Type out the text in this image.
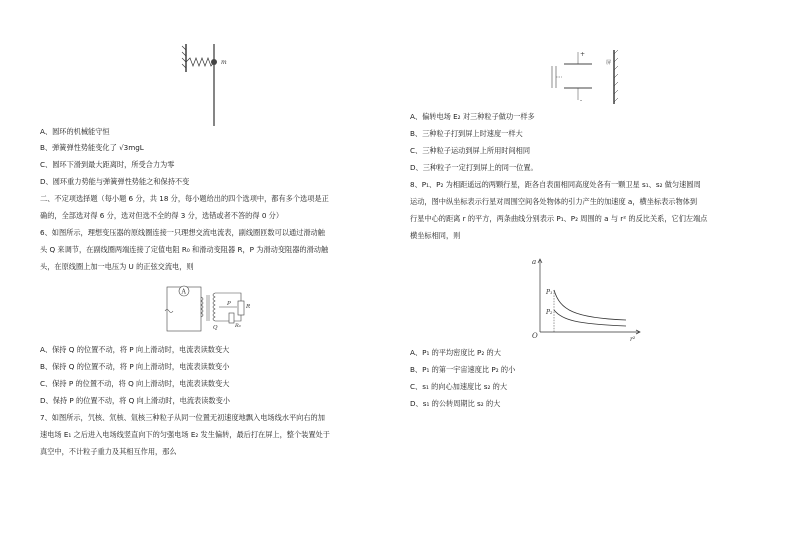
m
A、圆环的机械能守恒
B、弹簧弹性势能变化了 √3mgL
C、圆环下滑到最大距离时，所受合力为零
D、圆环重力势能与弹簧弹性势能之和保持不变
二、不定项选择题（每小题 6 分，共 18 分，每小题给出的四个选项中，都有多个选项是正
确的，全部选对得 6 分，选对但选不全的得 3 分，选错或者不答的得 0 分）
6、如图所示，理想变压器的原线圈连接一只理想交流电流表，副线圈匝数可以通过滑动触
头 Q 来调节，在副线圈两端连接了定值电阻 R₀ 和滑动变阻器 R，P 为滑动变阻器的滑动触
头，在原线圈上加一电压为 U 的正弦交流电，则
A
Q
R
P
R₀
A、保持 Q 的位置不动，将 P 向上滑动时，电流表读数变大
B、保持 Q 的位置不动，将 P 向上滑动时，电流表读数变小
C、保持 P 的位置不动，将 Q 向上滑动时，电流表读数变大
D、保持 P 的位置不动，将 Q 向上滑动时，电流表读数变小
7、如图所示，氕核、氘核、氚核三种粒子从同一位置无初速度地飘入电场线水平向右的加
速电场 E₁ 之后进入电场线竖直向下的匀强电场 E₂ 发生偏转，最后打在屏上，整个装置处于
真空中，不计粒子重力及其相互作用，那么
+
-
屏
A、偏转电场 E₂ 对三种粒子做功一样多
B、三种粒子打到屏上时速度一样大
C、三种粒子运动到屏上所用时间相同
D、三种粒子一定打到屏上的同一位置。
8、P₁、P₂ 为相距遥远的两颗行星，距各自表面相同高度处各有一颗卫星 s₁、s₂ 做匀速圆周
运动，图中纵坐标表示行星对周围空间各处物体的引力产生的加速度 a，横坐标表示物体到
行星中心的距离 r 的平方，两条曲线分别表示 P₁、P₂ 周围的 a 与 r² 的反比关系，它们左端点
横坐标相同，则
a
r²
O
P₁
P₂
A、P₁ 的平均密度比 P₂ 的大
B、P₁ 的第一宇宙速度比 P₂ 的小
C、s₁ 的向心加速度比 s₂ 的大
D、s₁ 的公转周期比 s₂ 的大
